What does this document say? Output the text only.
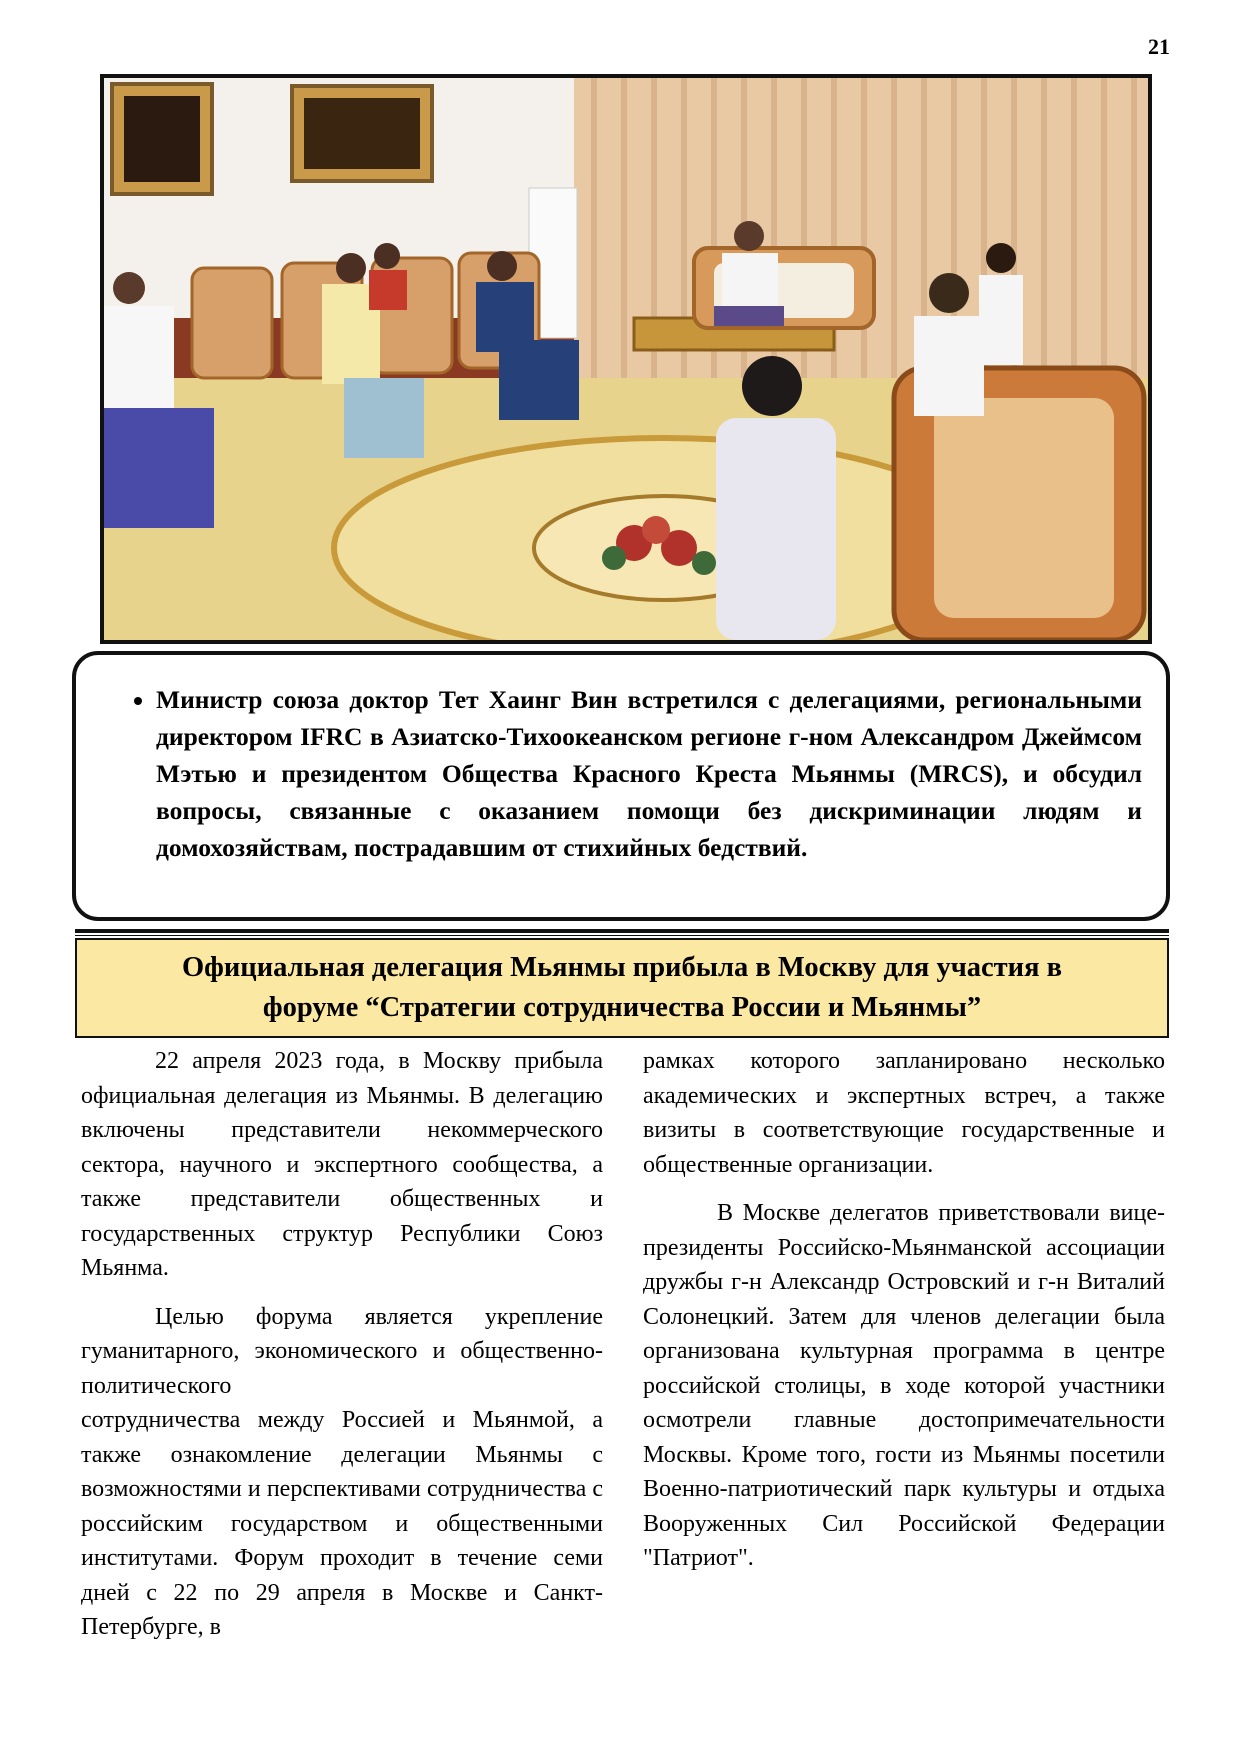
21
• Министр союза доктор Тет Хаинг Вин встретился с делегациями, региональными директором IFRC в Азиатско-Тихоокеанском регионе г-ном Александром Джеймсом Мэтью и президентом Общества Красного Креста Мьянмы (MRCS), и обсудил вопросы, связанные с оказанием помощи без дискриминации людям и домохозяйствам, пострадавшим от стихийных бедствий.
Официальная делегация Мьянмы прибыла в Москву для участия в
форуме “Стратегии сотрудничества России и Мьянмы”

22 апреля 2023 года, в Москву прибыла официальная делегация из Мьянмы. В делегацию включены представители некоммерческого сектора, научного и экспертного сообщества, а также представители общественных и государственных структур Республики Союз Мьянма.

Целью форума является укрепление гуманитарного, экономического и общественно-политического

сотрудничества между Россией и Мьянмой, а также ознакомление делегации Мьянмы с возможностями и перспективами сотрудничества с российским государством и общественными институтами. Форум проходит в течение семи дней с 22 по 29 апреля в Москве и Санкт-Петербурге, в

рамках которого запланировано несколько академических и экспертных встреч, а также визиты в соответствующие государственные и общественные организации.

В Москве делегатов приветствовали вице-президенты Российско-Мьянманской ассоциации дружбы г-н Александр Островский и г-н Виталий Солонецкий. Затем для членов делегации была организована культурная программа в центре российской столицы, в ходе которой участники осмотрели главные достопримечательности Москвы. Кроме того, гости из Мьянмы посетили Военно-патриотический парк культуры и отдыха Вооруженных Сил Российской Федерации "Патриот".
